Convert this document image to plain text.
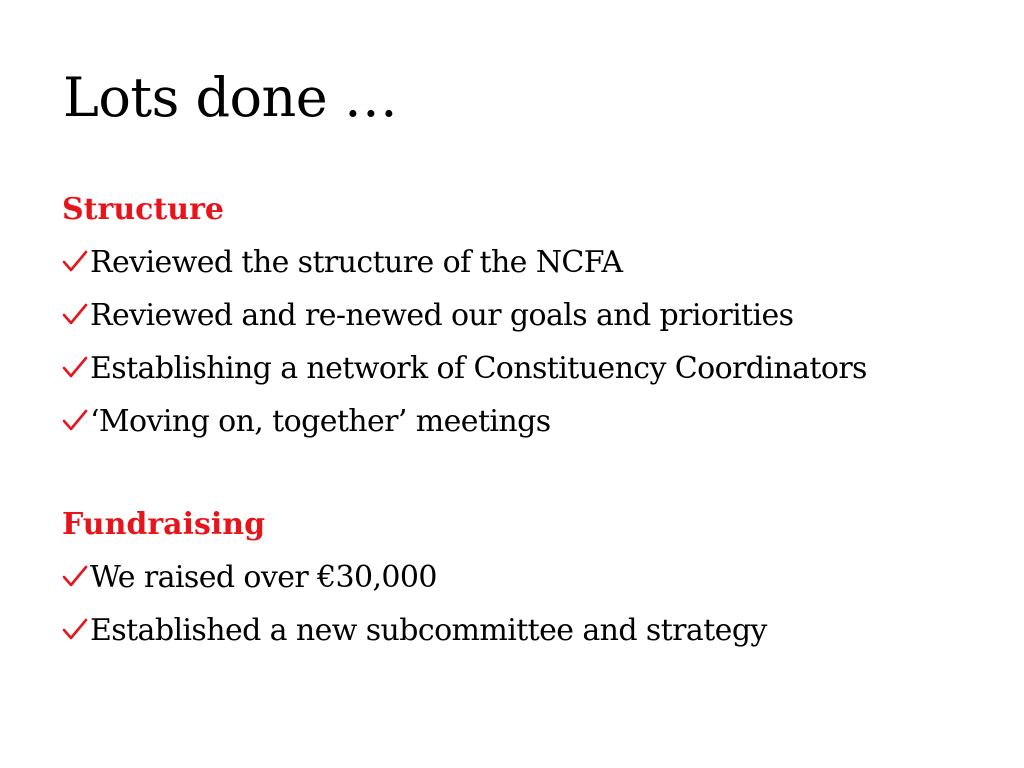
Lots done …
Structure
Reviewed the structure of the NCFA
Reviewed and re-newed our goals and priorities
Establishing a network of Constituency Coordinators
‘Moving on, together’ meetings
Fundraising
We raised over €30,000
Established a new subcommittee and strategy
